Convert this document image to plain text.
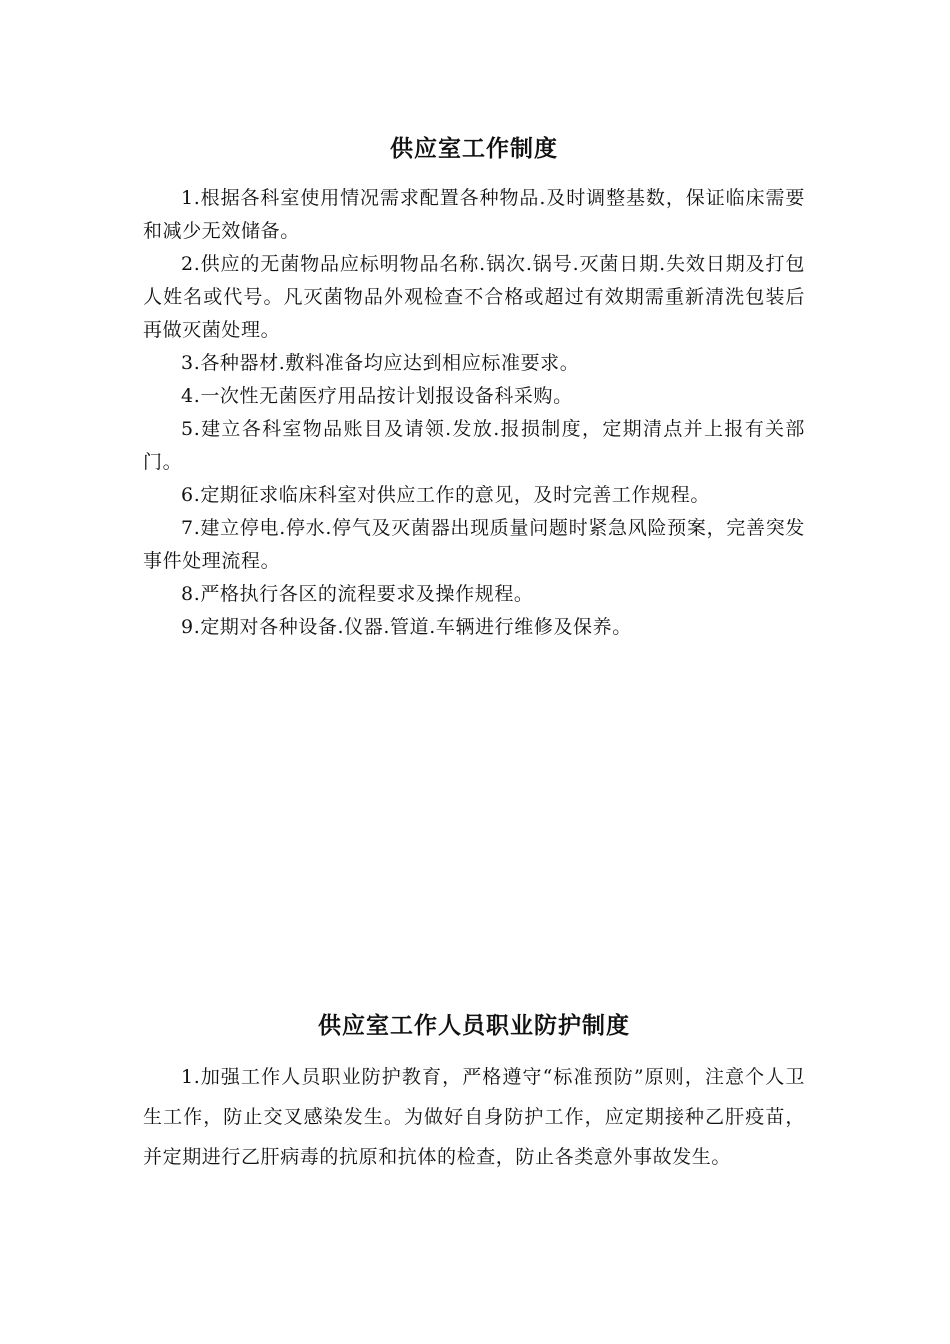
供应室工作制度

1.根据各科室使用情况需求配置各种物品.及时调整基数，保证临床需要和减少无效储备。

2.供应的无菌物品应标明物品名称.锅次.锅号.灭菌日期.失效日期及打包人姓名或代号。凡灭菌物品外观检查不合格或超过有效期需重新清洗包装后再做灭菌处理。

3.各种器材.敷料准备均应达到相应标准要求。

4.一次性无菌医疗用品按计划报设备科采购。

5.建立各科室物品账目及请领.发放.报损制度，定期清点并上报有关部门。

6.定期征求临床科室对供应工作的意见，及时完善工作规程。

7.建立停电.停水.停气及灭菌器出现质量问题时紧急风险预案，完善突发事件处理流程。

8.严格执行各区的流程要求及操作规程。

9.定期对各种设备.仪器.管道.车辆进行维修及保养。

供应室工作人员职业防护制度

1.加强工作人员职业防护教育，严格遵守“标准预防”原则，注意个人卫生工作，防止交叉感染发生。为做好自身防护工作，应定期接种乙肝疫苗，并定期进行乙肝病毒的抗原和抗体的检查，防止各类意外事故发生。
